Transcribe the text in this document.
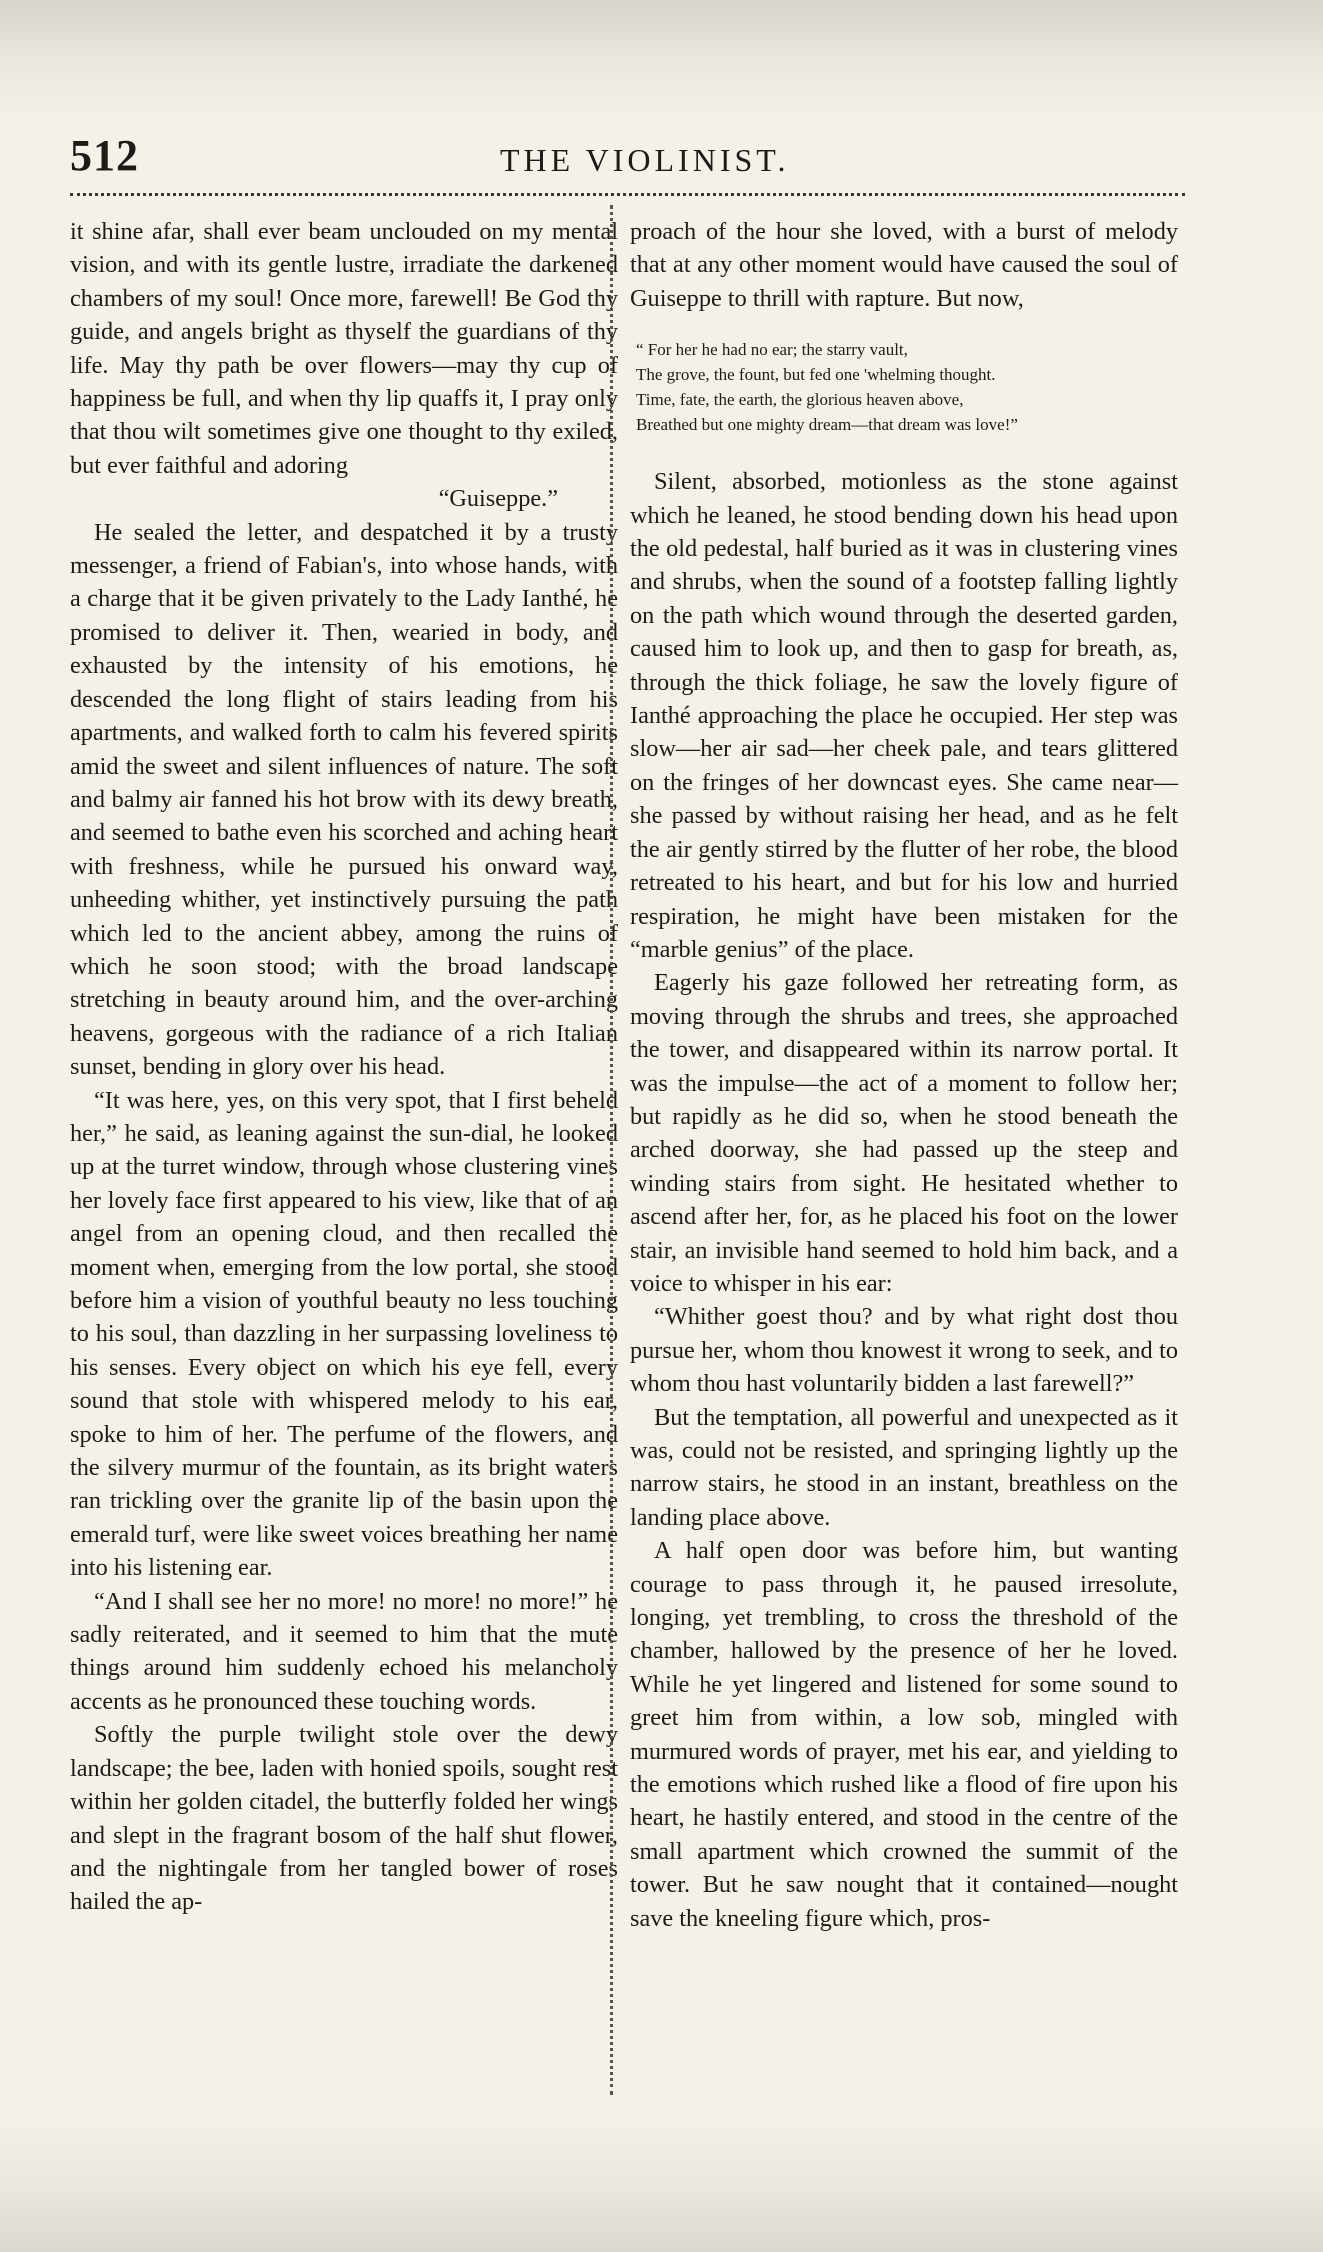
512	THE VIOLINIST.

it shine afar, shall ever beam unclouded on my mental vision, and with its gentle lustre, irradiate the darkened chambers of my soul! Once more, farewell! Be God thy guide, and angels bright as thyself the guardians of thy life. May thy path be over flowers—may thy cup of happiness be full, and when thy lip quaffs it, I pray only that thou wilt sometimes give one thought to thy exiled, but ever faithful and adoring

“Guiseppe.”

He sealed the letter, and despatched it by a trusty messenger, a friend of Fabian's, into whose hands, with a charge that it be given privately to the Lady Ianthé, he promised to deliver it. Then, wearied in body, and exhausted by the intensity of his emotions, he descended the long flight of stairs leading from his apartments, and walked forth to calm his fevered spirits amid the sweet and silent influences of nature. The soft and balmy air fanned his hot brow with its dewy breath, and seemed to bathe even his scorched and aching heart with freshness, while he pursued his onward way, unheeding whither, yet instinctively pursuing the path which led to the ancient abbey, among the ruins of which he soon stood; with the broad landscape stretching in beauty around him, and the over-arching heavens, gorgeous with the radiance of a rich Italian sunset, bending in glory over his head.

“It was here, yes, on this very spot, that I first beheld her,” he said, as leaning against the sun-dial, he looked up at the turret window, through whose clustering vines her lovely face first appeared to his view, like that of an angel from an opening cloud, and then recalled the moment when, emerging from the low portal, she stood before him a vision of youthful beauty no less touching to his soul, than dazzling in her surpassing loveliness to his senses. Every object on which his eye fell, every sound that stole with whispered melody to his ear, spoke to him of her. The perfume of the flowers, and the silvery murmur of the fountain, as its bright waters ran trickling over the granite lip of the basin upon the emerald turf, were like sweet voices breathing her name into his listening ear.

“And I shall see her no more! no more! no more!” he sadly reiterated, and it seemed to him that the mute things around him suddenly echoed his melancholy accents as he pronounced these touching words.

Softly the purple twilight stole over the dewy landscape; the bee, laden with honied spoils, sought rest within her golden citadel, the butterfly folded her wings and slept in the fragrant bosom of the half shut flower, and the nightingale from her tangled bower of roses hailed the ap-

proach of the hour she loved, with a burst of melody that at any other moment would have caused the soul of Guiseppe to thrill with rapture. But now,

“ For her he had no ear; the starry vault,
The grove, the fount, but fed one 'whelming thought.
Time, fate, the earth, the glorious heaven above,
Breathed but one mighty dream—that dream was love!”

Silent, absorbed, motionless as the stone against which he leaned, he stood bending down his head upon the old pedestal, half buried as it was in clustering vines and shrubs, when the sound of a footstep falling lightly on the path which wound through the deserted garden, caused him to look up, and then to gasp for breath, as, through the thick foliage, he saw the lovely figure of Ianthé approaching the place he occupied. Her step was slow—her air sad—her cheek pale, and tears glittered on the fringes of her downcast eyes. She came near—she passed by without raising her head, and as he felt the air gently stirred by the flutter of her robe, the blood retreated to his heart, and but for his low and hurried respiration, he might have been mistaken for the “marble genius” of the place.

Eagerly his gaze followed her retreating form, as moving through the shrubs and trees, she approached the tower, and disappeared within its narrow portal. It was the impulse—the act of a moment to follow her; but rapidly as he did so, when he stood beneath the arched doorway, she had passed up the steep and winding stairs from sight. He hesitated whether to ascend after her, for, as he placed his foot on the lower stair, an invisible hand seemed to hold him back, and a voice to whisper in his ear:

“Whither goest thou? and by what right dost thou pursue her, whom thou knowest it wrong to seek, and to whom thou hast voluntarily bidden a last farewell?”

But the temptation, all powerful and unexpected as it was, could not be resisted, and springing lightly up the narrow stairs, he stood in an instant, breathless on the landing place above.

A half open door was before him, but wanting courage to pass through it, he paused irresolute, longing, yet trembling, to cross the threshold of the chamber, hallowed by the presence of her he loved. While he yet lingered and listened for some sound to greet him from within, a low sob, mingled with murmured words of prayer, met his ear, and yielding to the emotions which rushed like a flood of fire upon his heart, he hastily entered, and stood in the centre of the small apartment which crowned the summit of the tower. But he saw nought that it contained—nought save the kneeling figure which, pros-
